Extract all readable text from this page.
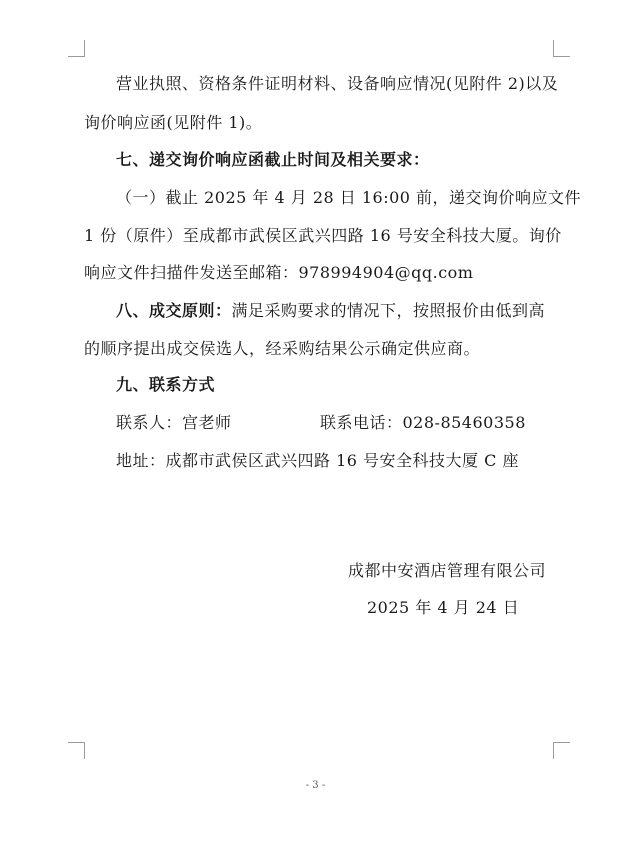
营业执照、资格条件证明材料、设备响应情况(见附件 2)以及
询价响应函(见附件 1)。
七、递交询价响应函截止时间及相关要求：
（一）截止 2025 年 4 月 28 日 16:00 前，递交询价响应文件
1 份（原件）至成都市武侯区武兴四路 16 号安全科技大厦。询价
响应文件扫描件发送至邮箱：978994904@qq.com
八、成交原则：满足采购要求的情况下，按照报价由低到高
的顺序提出成交侯选人，经采购结果公示确定供应商。
九、联系方式
联系人：宫老师	联系电话：028-85460358
地址：成都市武侯区武兴四路 16 号安全科技大厦 C 座
成都中安酒店管理有限公司
2025 年 4 月 24 日
- 3 -
